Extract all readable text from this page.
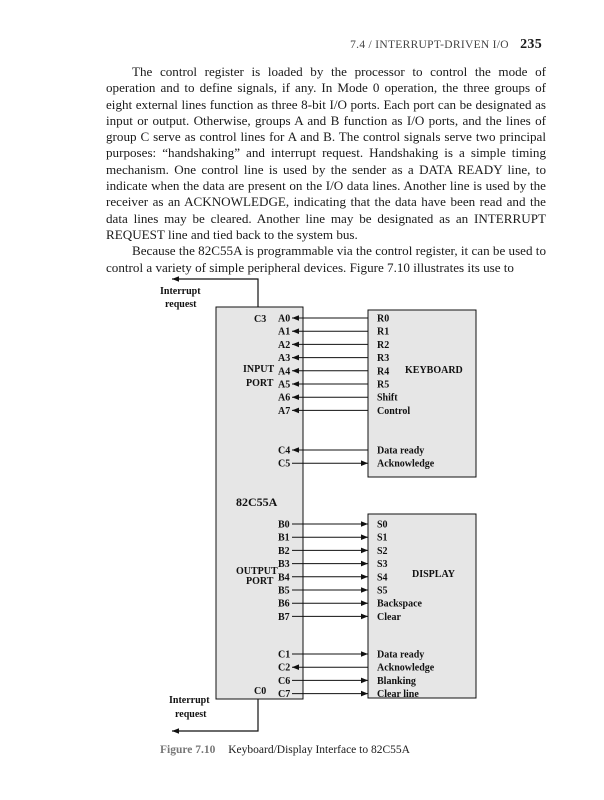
7.4 / INTERRUPT-DRIVEN I/O 235

The control register is loaded by the processor to control the mode of operation and to define signals, if any. In Mode 0 operation, the three groups of eight external lines function as three 8-bit I/O ports. Each port can be designated as input or output. Otherwise, groups A and B function as I/O ports, and the lines of group C serve as control lines for A and B. The control signals serve two principal purposes: “handshaking” and interrupt request. Handshaking is a simple timing mechanism. One control line is used by the sender as a DATA READY line, to indicate when the data are present on the I/O data lines. Another line is used by the receiver as an ACKNOWLEDGE, indicating that the data have been read and the data lines may be cleared. Another line may be designated as an INTERRUPT REQUEST line and tied back to the system bus.

Because the 82C55A is programmable via the control register, it can be used to control a variety of simple peripheral devices. Figure 7.10 illustrates its use to

Interrupt
request
Interrupt
request
C3
C0
INPUT
PORT
OUTPUT
PORT
82C55A
KEYBOARD
DISPLAY
A0	R0
A1	R1
A2	R2
A3	R3
A4	R4
A5	R5
A6	Shift
A7	Control
C4	Data ready
C5	Acknowledge
B0	S0
B1	S1
B2	S2
B3	S3
B4	S4
B5	S5
B6	Backspace
B7	Clear
C1	Data ready
C2	Acknowledge
C6	Blanking
C7	Clear line
Figure 7.10 Keyboard/Display Interface to 82C55A
